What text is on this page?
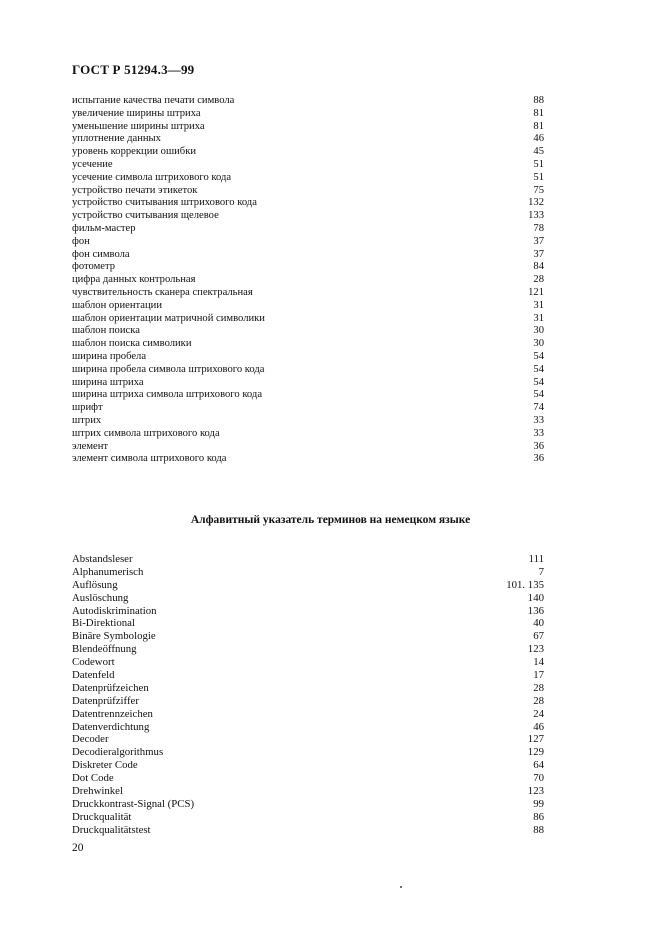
ГОСТ Р 51294.3—99
испытание качества печати символа	88
увеличение ширины штриха	81
уменьшение ширины штриха	81
уплотнение данных	46
уровень коррекции ошибки	45
усечение	51
усечение символа штрихового кода	51
устройство печати этикеток	75
устройство считывания штрихового кода	132
устройство считывания щелевое	133
фильм-мастер	78
фон	37
фон символа	37
фотометр	84
цифра данных контрольная	28
чувствительность сканера спектральная	121
шаблон ориентации	31
шаблон ориентации матричной символики	31
шаблон поиска	30
шаблон поиска символики	30
ширина пробела	54
ширина пробела символа штрихового кода	54
ширина штриха	54
ширина штриха символа штрихового кода	54
шрифт	74
штрих	33
штрих символа штрихового кода	33
элемент	36
элемент символа штрихового кода	36
Алфавитный указатель терминов на немецком языке
Abstandsleser	111
Alphanumerisch	7
Auflösung	101. 135
Auslöschung	140
Autodiskrimination	136
Bi-Direktional	40
Binäre Symbologie	67
Blendeöffnung	123
Codewort	14
Datenfeld	17
Datenprüfzeichen	28
Datenprüfziffer	28
Datentrennzeichen	24
Datenverdichtung	46
Decoder	127
Decodieralgorithmus	129
Diskreter Code	64
Dot Code	70
Drehwinkel	123
Druckkontrast-Signal (PCS)	99
Druckqualität	86
Druckqualitätstest	88
20
